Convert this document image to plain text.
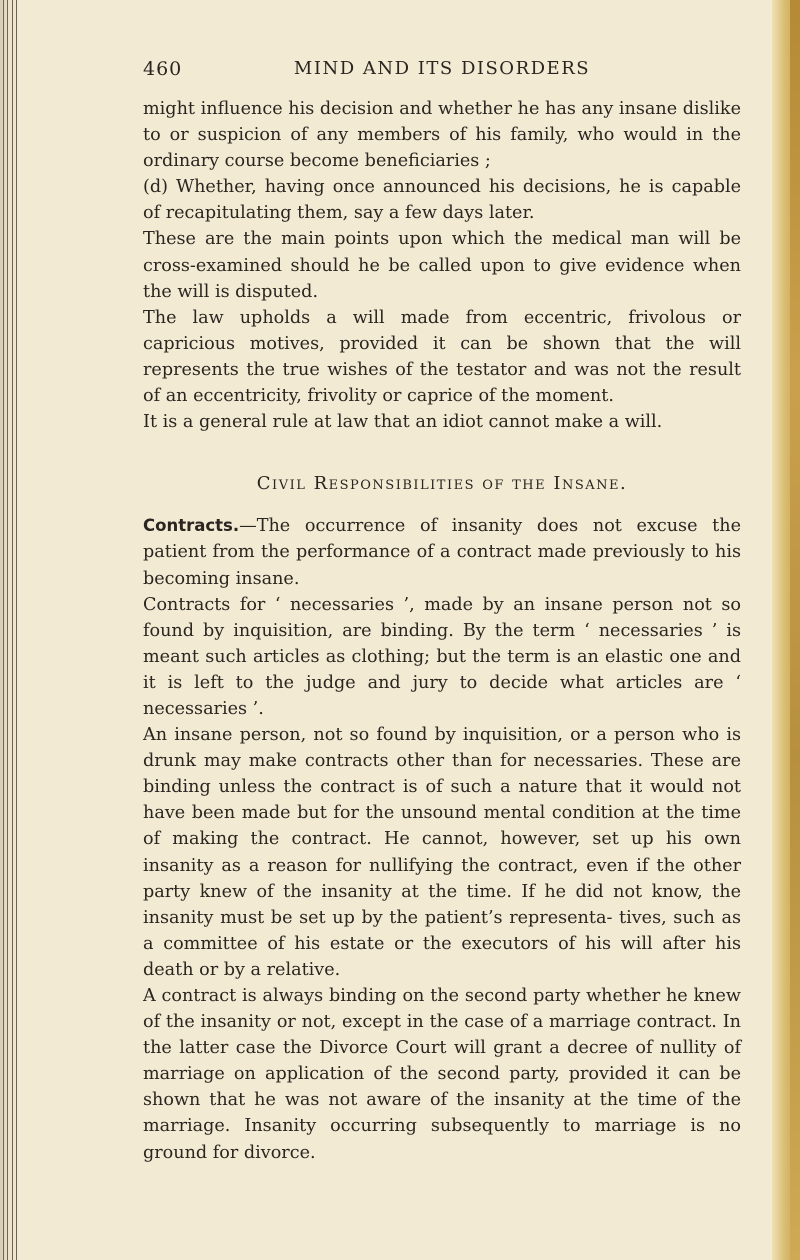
460	MIND AND ITS DISORDERS

might influence his decision and whether he has any insane dislike to or suspicion of any members of his family, who would in the ordinary course become beneficiaries ;

(d) Whether, having once announced his decisions, he is capable of recapitulating them, say a few days later.

These are the main points upon which the medical man will be cross-examined should he be called upon to give evidence when the will is disputed.

The law upholds a will made from eccentric, frivolous or capricious motives, provided it can be shown that the will represents the true wishes of the testator and was not the result of an eccentricity, frivolity or caprice of the moment.

It is a general rule at law that an idiot cannot make a will.

Civil Responsibilities of the Insane.

Contracts.—The occurrence of insanity does not excuse the patient from the performance of a contract made previously to his becoming insane.

Contracts for ‘ necessaries ’, made by an insane person not so found by inquisition, are binding. By the term ‘ necessaries ’ is meant such articles as clothing; but the term is an elastic one and it is left to the judge and jury to decide what articles are ‘ necessaries ’.

An insane person, not so found by inquisition, or a person who is drunk may make contracts other than for necessaries. These are binding unless the contract is of such a nature that it would not have been made but for the unsound mental condition at the time of making the contract. He cannot, however, set up his own insanity as a reason for nullifying the contract, even if the other party knew of the insanity at the time. If he did not know, the insanity must be set up by the patient’s representa- tives, such as a committee of his estate or the executors of his will after his death or by a relative.

A contract is always binding on the second party whether he knew of the insanity or not, except in the case of a marriage contract. In the latter case the Divorce Court will grant a decree of nullity of marriage on application of the second party, provided it can be shown that he was not aware of the insanity at the time of the marriage. Insanity occurring subsequently to marriage is no ground for divorce.
